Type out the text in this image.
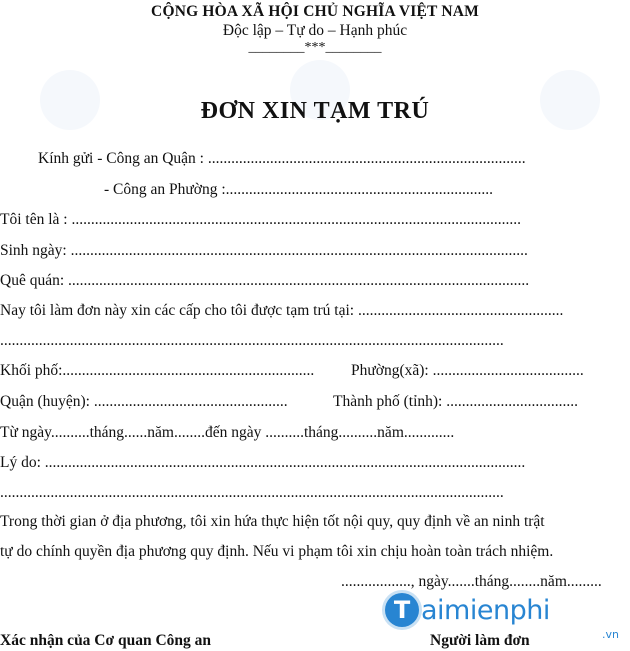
CỘNG HÒA XÃ HỘI CHỦ NGHĨA VIỆT NAM
Độc lập – Tự do – Hạnh phúc
________***________
ĐƠN XIN TẠM TRÚ
Kính gửi - Công an Quận : ..................................................................................
- Công an Phường :.....................................................................
Tôi tên là : ....................................................................................................................
Sinh ngày: ......................................................................................................................
Quê quán: .......................................................................................................................
Nay tôi làm đơn này xin các cấp cho tôi được tạm trú tại: .....................................................
..................................................................................................................................
Khối phố:................................................................. Phường(xã): .......................................
Quận (huyện): ..................................................	Thành phố (tỉnh): ..................................
Từ ngày..........tháng......năm........đến ngày ..........tháng..........năm.............
Lý do: ............................................................................................................................
..................................................................................................................................
Trong thời gian ở địa phương, tôi xin hứa thực hiện tốt nội quy, quy định về an ninh trật
tự do chính quyền địa phương quy định. Nếu vi phạm tôi xin chịu hoàn toàn trách nhiệm.
.................., ngày.......tháng........năm.........
Xác nhận của Cơ quan Công an	Người làm đơn
T aimienphi
.vn
